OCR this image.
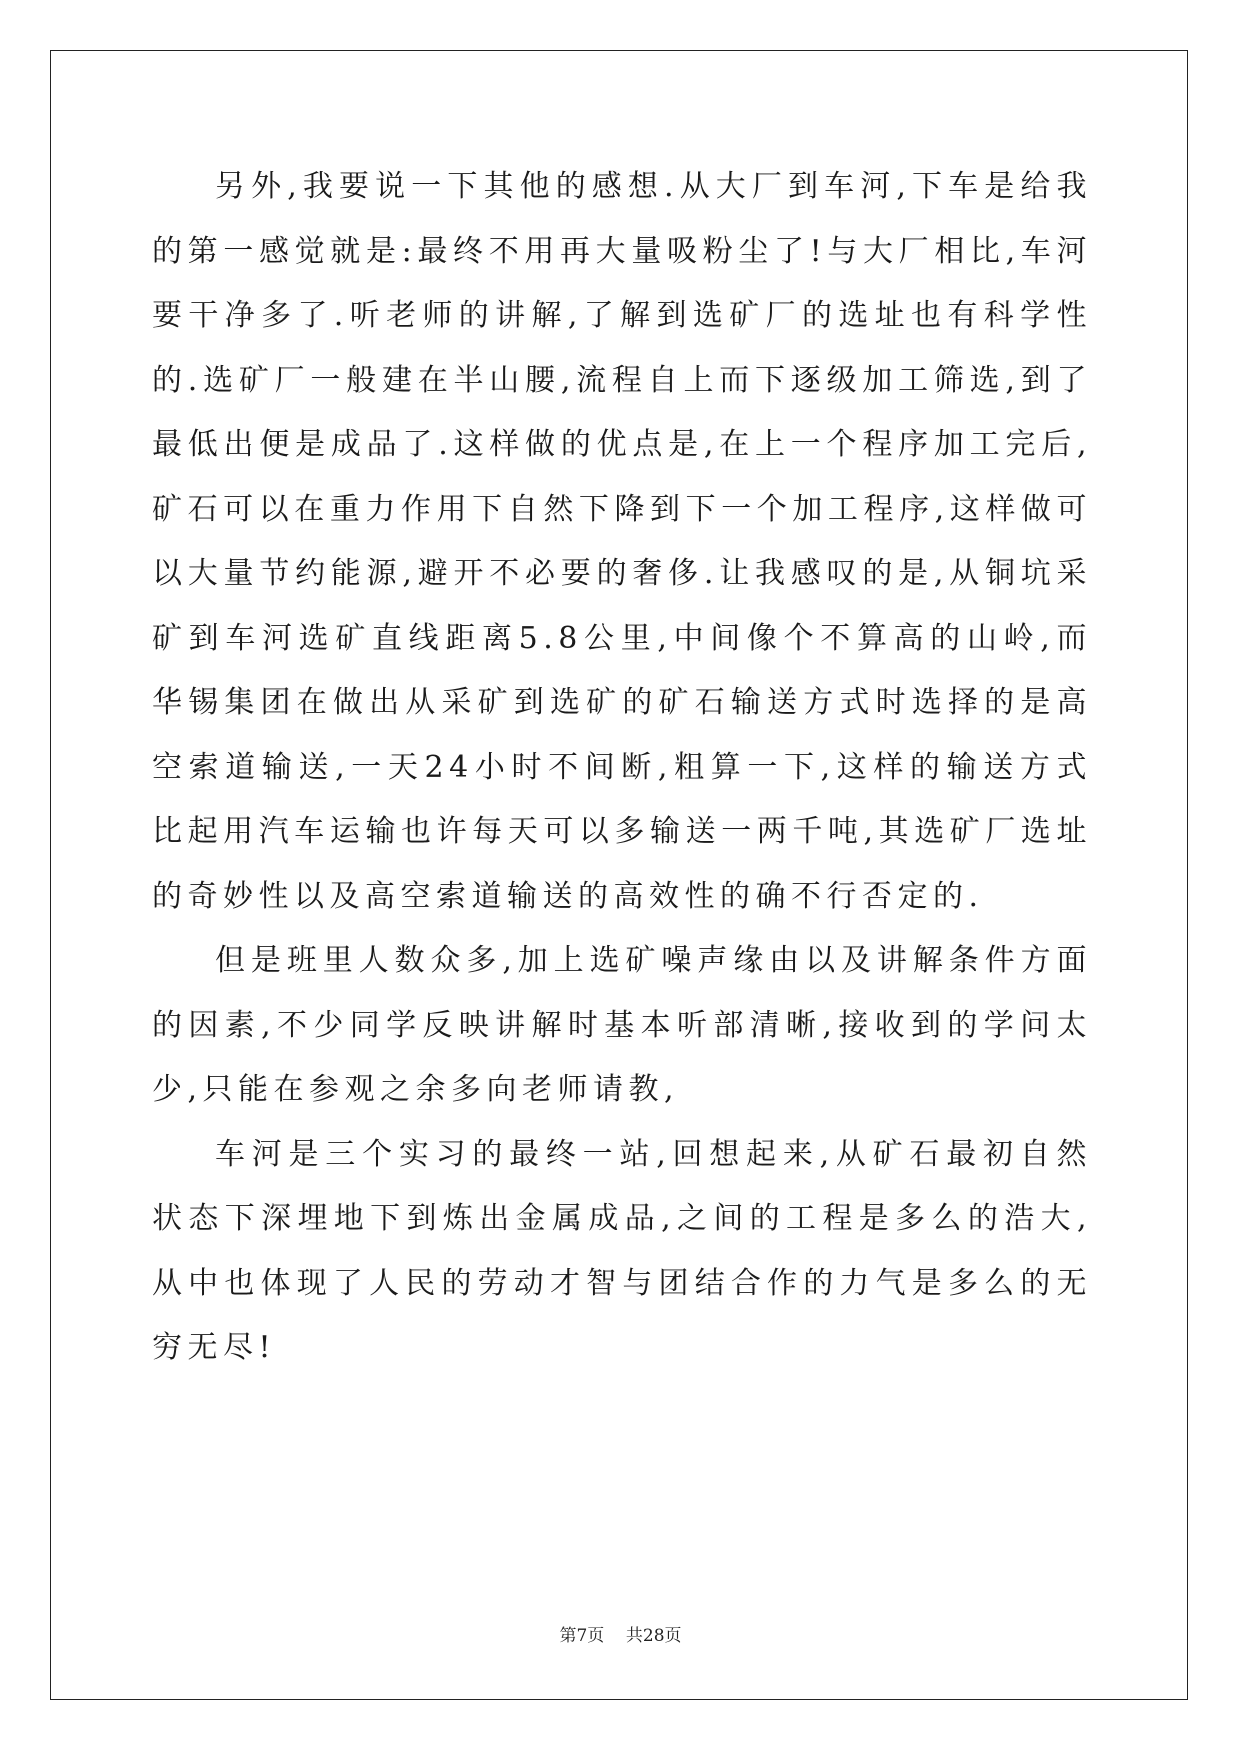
另外,我要说一下其他的感想.从大厂到车河,下车是给我的第一感觉就是:最终不用再大量吸粉尘了!与大厂相比,车河要干净多了.听老师的讲解,了解到选矿厂的选址也有科学性的.选矿厂一般建在半山腰,流程自上而下逐级加工筛选,到了最低出便是成品了.这样做的优点是,在上一个程序加工完后,矿石可以在重力作用下自然下降到下一个加工程序,这样做可以大量节约能源,避开不必要的奢侈.让我感叹的是,从铜坑采矿到车河选矿直线距离5.8公里,中间像个不算高的山岭,而华锡集团在做出从采矿到选矿的矿石输送方式时选择的是高空索道输送,一天24小时不间断,粗算一下,这样的输送方式比起用汽车运输也许每天可以多输送一两千吨,其选矿厂选址的奇妙性以及高空索道输送的高效性的确不行否定的.

但是班里人数众多,加上选矿噪声缘由以及讲解条件方面的因素,不少同学反映讲解时基本听部清晰,接收到的学问太少,只能在参观之余多向老师请教,

车河是三个实习的最终一站,回想起来,从矿石最初自然状态下深埋地下到炼出金属成品,之间的工程是多么的浩大,从中也体现了人民的劳动才智与团结合作的力气是多么的无穷无尽!

第7页 共28页
